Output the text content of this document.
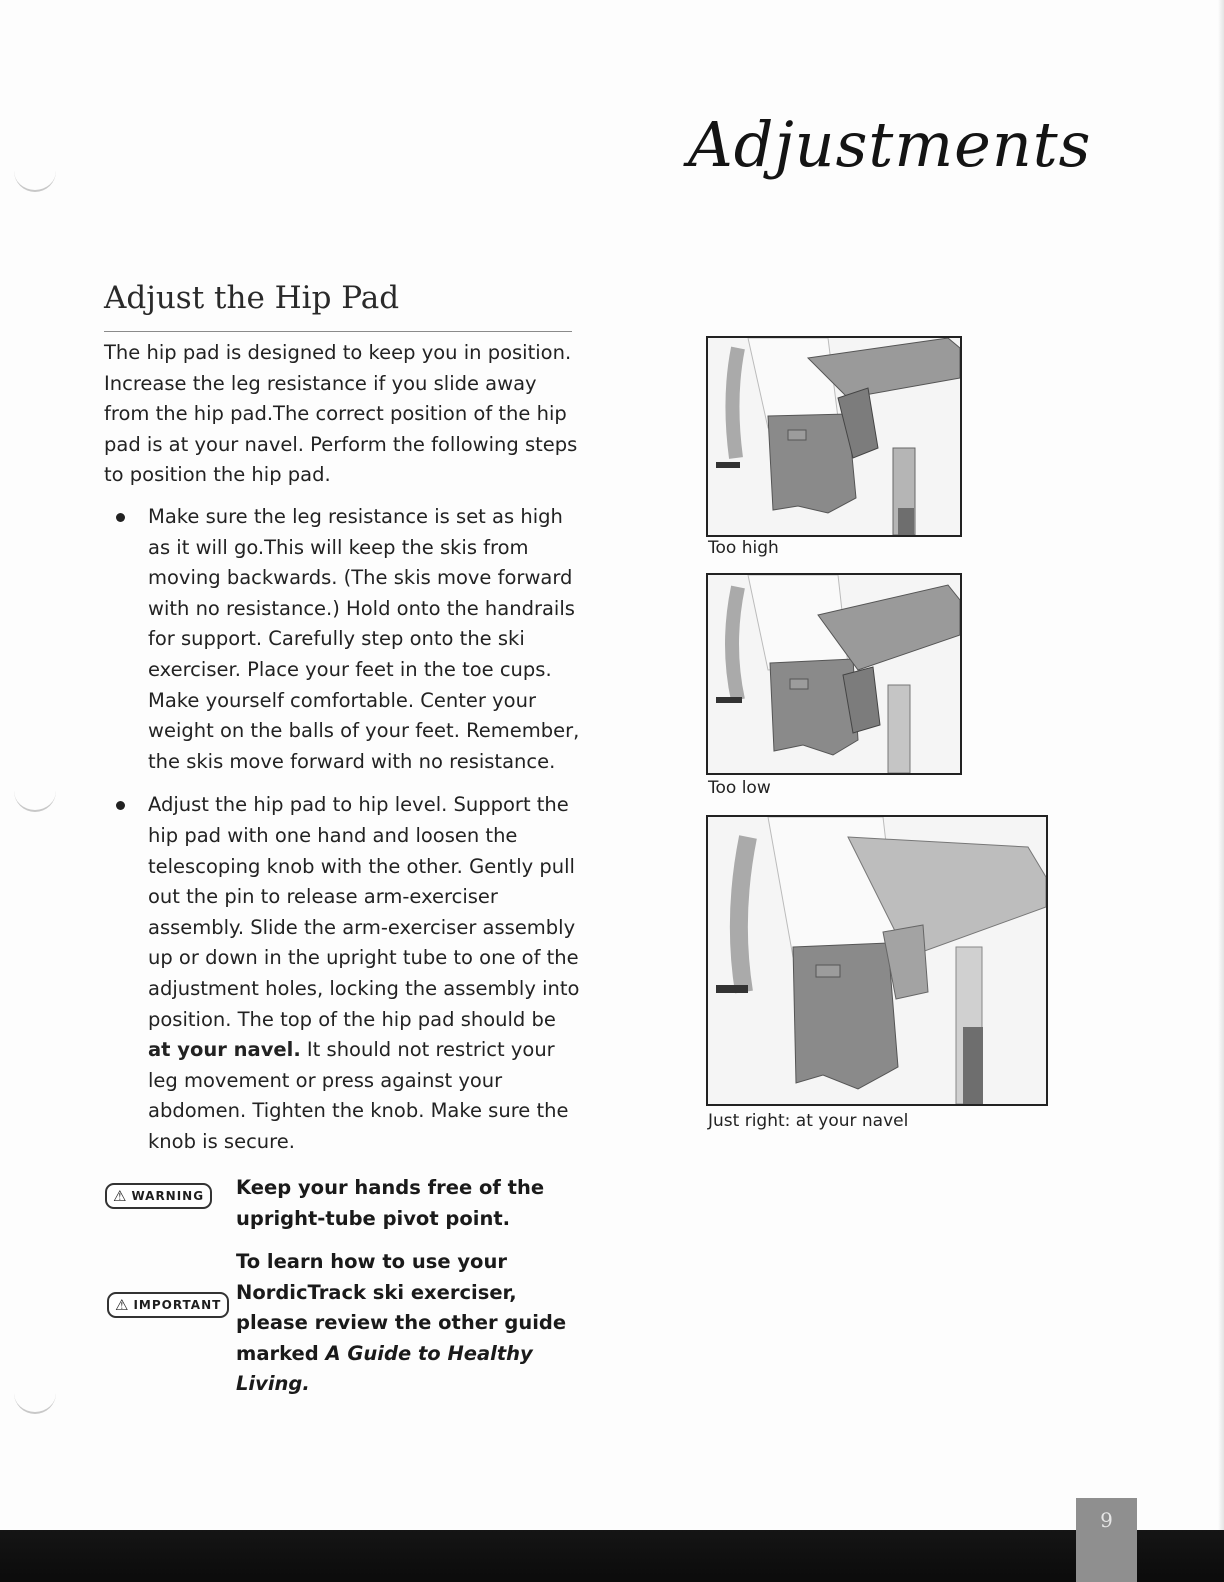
Adjustments
Adjust the Hip Pad

The hip pad is designed to keep you in position. Increase the leg resistance if you slide away from the hip pad.The correct position of the hip pad is at your navel. Perform the following steps to position the hip pad.

Make sure the leg resistance is set as high as it will go.This will keep the skis from moving backwards. (The skis move forward with no resistance.) Hold onto the handrails for support. Carefully step onto the ski exerciser. Place your feet in the toe cups. Make yourself comfortable. Center your weight on the balls of your feet. Remember, the skis move forward with no resistance.
Adjust the hip pad to hip level. Support the hip pad with one hand and loosen the telescoping knob with the other. Gently pull out the pin to release arm-exerciser assembly. Slide the arm-exerciser assembly up or down in the upright tube to one of the adjustment holes, locking the assembly into position. The top of the hip pad should be at your navel. It should not restrict your leg movement or press against your abdomen. Tighten the knob. Make sure the knob is secure.
⚠ WARNING Keep your hands free of the upright-tube pivot point.
⚠ IMPORTANT
To learn how to use your NordicTrack ski exerciser, please review the other guide marked A Guide to Healthy Living.
Too high
Too low
Just right: at your navel
9
